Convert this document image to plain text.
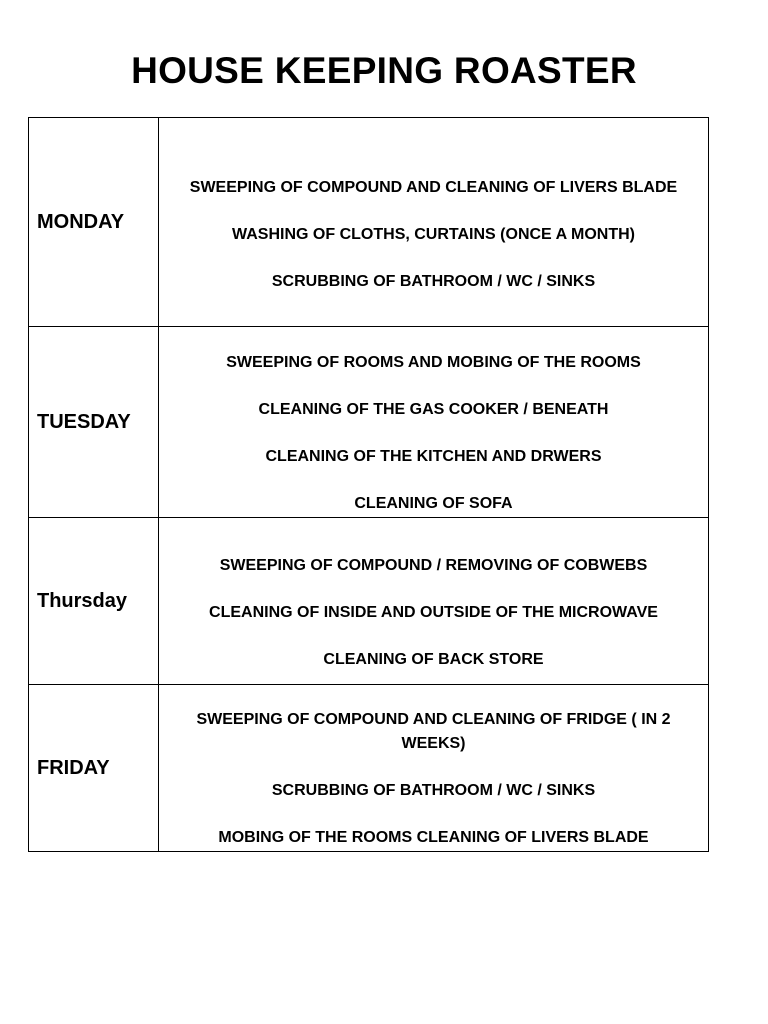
HOUSE KEEPING ROASTER
MONDAY	SWEEPING OF COMPOUND AND CLEANING OF LIVERS BLADE
WASHING OF CLOTHS, CURTAINS (ONCE A MONTH)
SCRUBBING OF BATHROOM / WC / SINKS

TUESDAY	SWEEPING OF ROOMS AND MOBING OF THE ROOMS
CLEANING OF THE GAS COOKER / BENEATH
CLEANING OF THE KITCHEN AND DRWERS
CLEANING OF SOFA

Thursday	SWEEPING OF COMPOUND / REMOVING OF COBWEBS
CLEANING OF INSIDE AND OUTSIDE OF THE MICROWAVE
CLEANING OF BACK STORE

FRIDAY	SWEEPING OF COMPOUND AND CLEANING OF FRIDGE ( IN 2 WEEKS)
SCRUBBING OF BATHROOM / WC / SINKS
MOBING OF THE ROOMS CLEANING OF LIVERS BLADE
